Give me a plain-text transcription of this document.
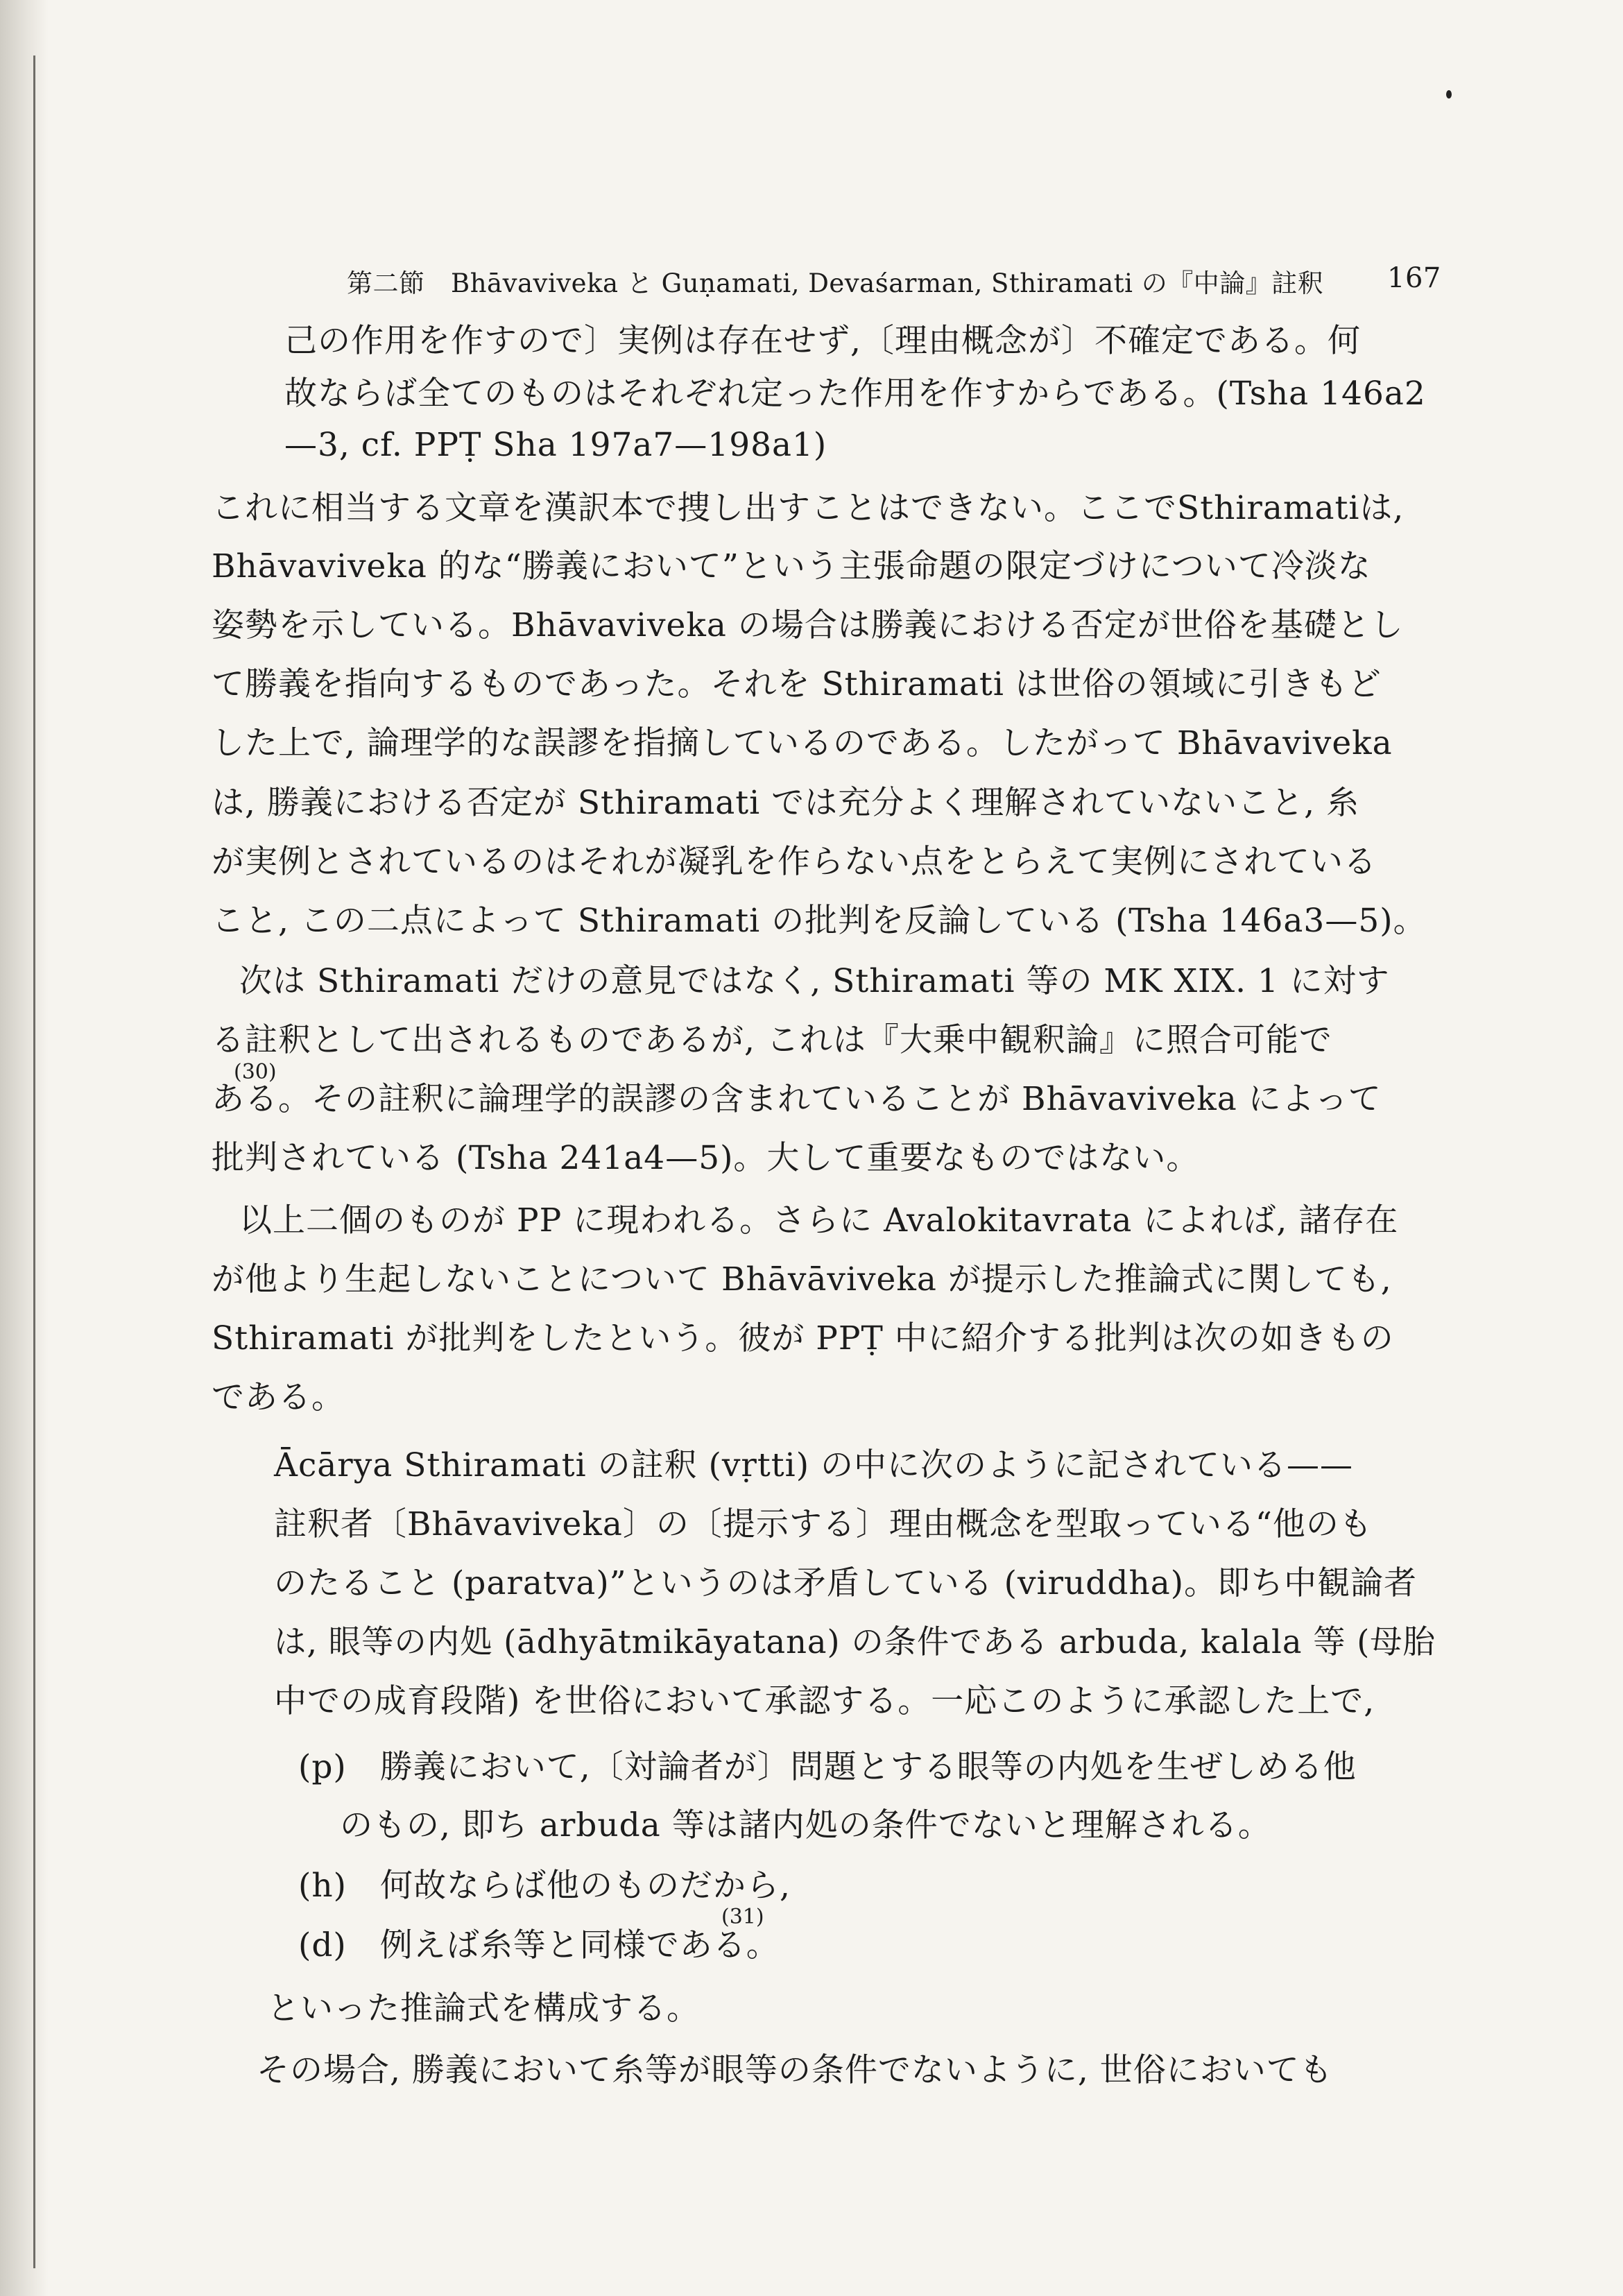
第二節　Bhāvaviveka と Guṇamati, Devaśarman, Sthiramati の『中論』註釈 167
己の作用を作すので〕実例は存在せず,〔理由概念が〕不確定である。何
故ならば全てのものはそれぞれ定った作用を作すからである。(Tsha 146a2
—3, cf. PPṬ Sha 197a7—198a1)
これに相当する文章を漢訳本で捜し出すことはできない。ここでSthiramatiは,
Bhāvaviveka 的な“勝義において”という主張命題の限定づけについて冷淡な
姿勢を示している。Bhāvaviveka の場合は勝義における否定が世俗を基礎とし
て勝義を指向するものであった。それを Sthiramati は世俗の領域に引きもど
した上で, 論理学的な誤謬を指摘しているのである。したがって Bhāvaviveka
は, 勝義における否定が Sthiramati では充分よく理解されていないこと, 糸
が実例とされているのはそれが凝乳を作らない点をとらえて実例にされている
こと, この二点によって Sthiramati の批判を反論している (Tsha 146a3—5)。
次は Sthiramati だけの意見ではなく, Sthiramati 等の MK XIX. 1 に対す
る註釈として出されるものであるが, これは『大乗中観釈論』に照合可能で
(30)
ある。その註釈に論理学的誤謬の含まれていることが Bhāvaviveka によって
批判されている (Tsha 241a4—5)。大して重要なものではない。
以上二個のものが PP に現われる。さらに Avalokitavrata によれば, 諸存在
が他より生起しないことについて Bhāvāviveka が提示した推論式に関しても,
Sthiramati が批判をしたという。彼が PPṬ 中に紹介する批判は次の如きもの
である。
Ācārya Sthiramati の註釈 (vṛtti) の中に次のように記されている——
註釈者〔Bhāvaviveka〕の〔提示する〕理由概念を型取っている“他のも
のたること (paratva)”というのは矛盾している (viruddha)。即ち中観論者
は, 眼等の内処 (ādhyātmikāyatana) の条件である arbuda, kalala 等 (母胎
中での成育段階) を世俗において承認する。一応このように承認した上で,
(p)　勝義において,〔対論者が〕問題とする眼等の内処を生ぜしめる他
のもの, 即ち arbuda 等は諸内処の条件でないと理解される。
(h)　何故ならば他のものだから,
(31)
(d)　例えば糸等と同様である。
といった推論式を構成する。
その場合, 勝義において糸等が眼等の条件でないように, 世俗においても
